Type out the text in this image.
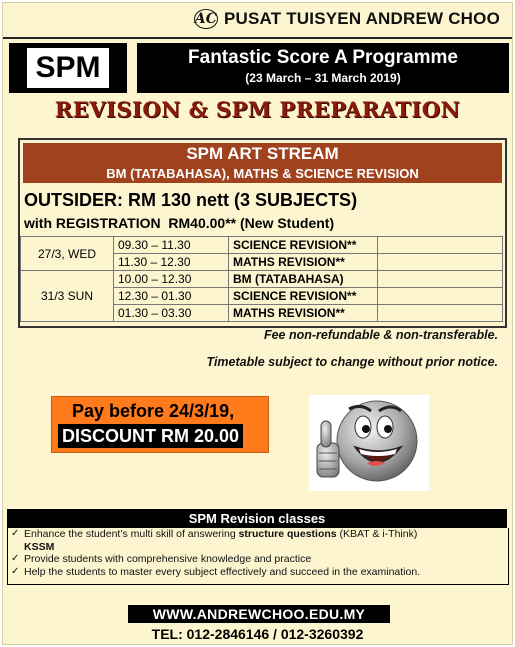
AC PUSAT TUISYEN ANDREW CHOO
SPM	Fantastic Score A Programme
(23 March – 31 March 2019)
REVISION & SPM PREPARATION
SPM ART STREAM
BM (TATABAHASA), MATHS & SCIENCE REVISION
OUTSIDER: RM 130 nett (3 SUBJECTS)
with REGISTRATION RM40.00** (New Student)
27/3, WED	09.30 – 11.30	SCIENCE REVISION**	
	11.30 – 12.30	MATHS REVISION**	
31/3 SUN	10.00 – 12.30	BM (TATABAHASA)	
	12.30 – 01.30	SCIENCE REVISION**	
	01.30 – 03.30	MATHS REVISION**	
Fee non-refundable & non-transferable.
Timetable subject to change without prior notice.
Pay before 24/3/19,
DISCOUNT RM 20.00
SPM Revision classes
✓ Enhance the student’s multi skill of answering structure questions (KBAT & i-Think)
KSSM
✓ Provide students with comprehensive knowledge and practice
✓ Help the students to master every subject effectively and succeed in the examination.
WWW.ANDREWCHOO.EDU.MY
TEL: 012-2846146 / 012-3260392
